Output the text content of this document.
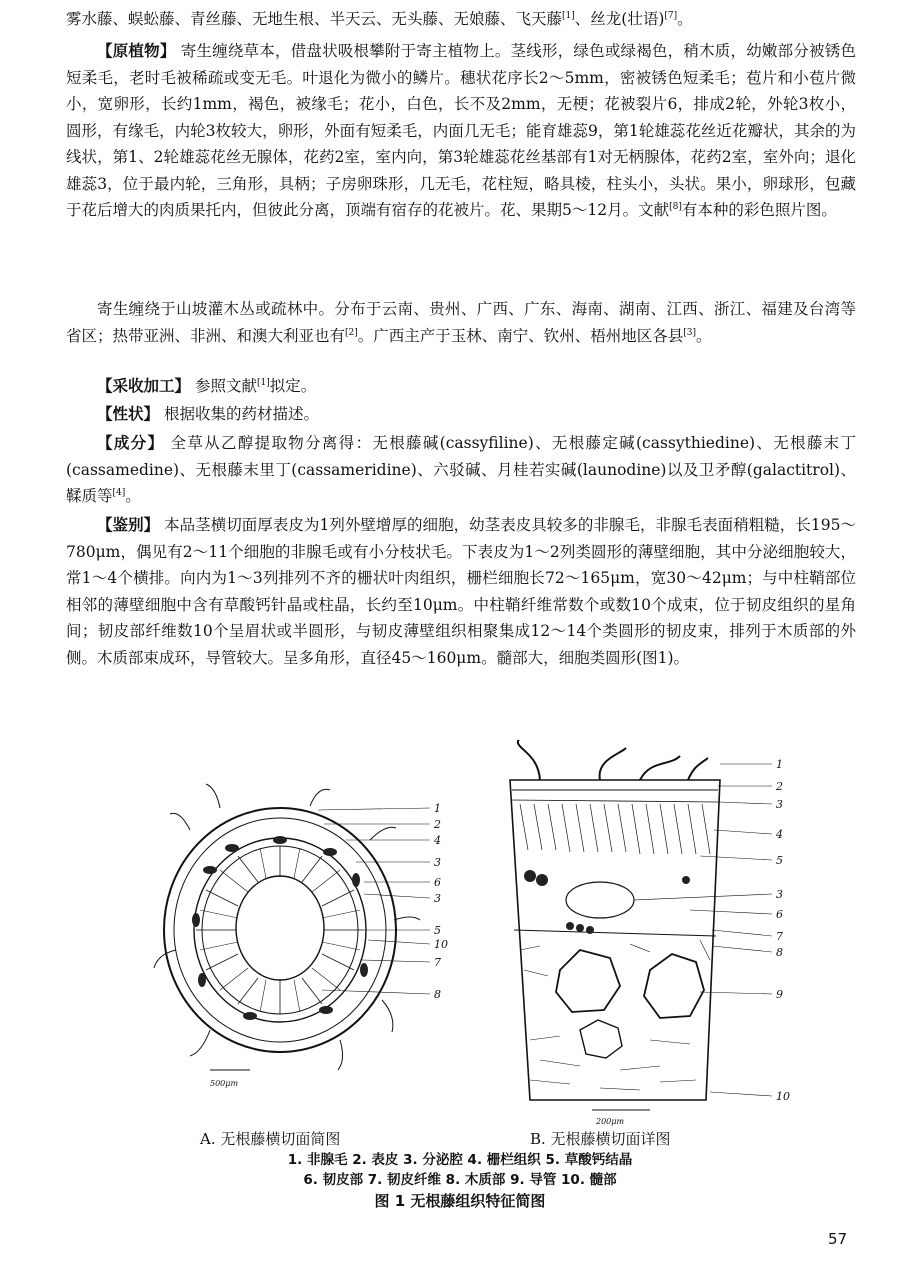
雾水藤、蜈蚣藤、青丝藤、无地生根、半天云、无头藤、无娘藤、飞天藤[1]、丝龙(壮语)[7]。

【原植物】 寄生缠绕草本，借盘状吸根攀附于寄主植物上。茎线形，绿色或绿褐色，稍木质，幼嫩部分被锈色短柔毛，老时毛被稀疏或变无毛。叶退化为微小的鳞片。穗状花序长2～5mm，密被锈色短柔毛；苞片和小苞片微小，宽卵形，长约1mm，褐色，被缘毛；花小，白色，长不及2mm，无梗；花被裂片6，排成2轮，外轮3枚小，圆形，有缘毛，内轮3枚较大，卵形，外面有短柔毛，内面几无毛；能育雄蕊9，第1轮雄蕊花丝近花瓣状，其余的为线状，第1、2轮雄蕊花丝无腺体，花药2室，室内向，第3轮雄蕊花丝基部有1对无柄腺体，花药2室，室外向；退化雄蕊3，位于最内轮，三角形，具柄；子房卵珠形，几无毛，花柱短，略具棱，柱头小，头状。果小，卵球形，包藏于花后增大的肉质果托内，但彼此分离，顶端有宿存的花被片。花、果期5～12月。文献[8]有本种的彩色照片图。

寄生缠绕于山坡灌木丛或疏林中。分布于云南、贵州、广西、广东、海南、湖南、江西、浙江、福建及台湾等省区；热带亚洲、非洲、和澳大利亚也有[2]。广西主产于玉林、南宁、钦州、梧州地区各县[3]。

【采收加工】 参照文献[1]拟定。

【性状】 根据收集的药材描述。

【成分】 全草从乙醇提取物分离得：无根藤碱(cassyfiline)、无根藤定碱(cassythiedine)、无根藤末丁(cassamedine)、无根藤末里丁(cassameridine)、六驳碱、月桂若实碱(launodine)以及卫矛醇(galactitrol)、鞣质等[4]。

【鉴别】 本品茎横切面厚表皮为1列外壁增厚的细胞，幼茎表皮具较多的非腺毛，非腺毛表面稍粗糙，长195～780μm，偶见有2～11个细胞的非腺毛或有小分枝状毛。下表皮为1～2列类圆形的薄壁细胞，其中分泌细胞较大，常1～4个横排。向内为1～3列排列不齐的栅状叶肉组织，栅栏细胞长72～165μm，宽30～42μm；与中柱鞘部位相邻的薄壁细胞中含有草酸钙针晶或柱晶，长约至10μm。中柱鞘纤维常数个或数10个成束，位于韧皮组织的星角间；韧皮部纤维数10个呈眉状或半圆形，与韧皮薄壁组织相聚集成12～14个类圆形的韧皮束，排列于木质部的外侧。木质部束成环，导管较大。呈多角形，直径45～160μm。髓部大，细胞类圆形(图1)。

1
2
4
3
6
3
5
10
7
8
500μm
1
2
3
4
5
3
6
7
8
9
10
200μm
A. 无根藤横切面简图	B. 无根藤横切面详图
1. 非腺毛 2. 表皮 3. 分泌腔 4. 栅栏组织 5. 草酸钙结晶
6. 韧皮部 7. 韧皮纤维 8. 木质部 9. 导管 10. 髓部
图 1 无根藤组织特征简图
57
